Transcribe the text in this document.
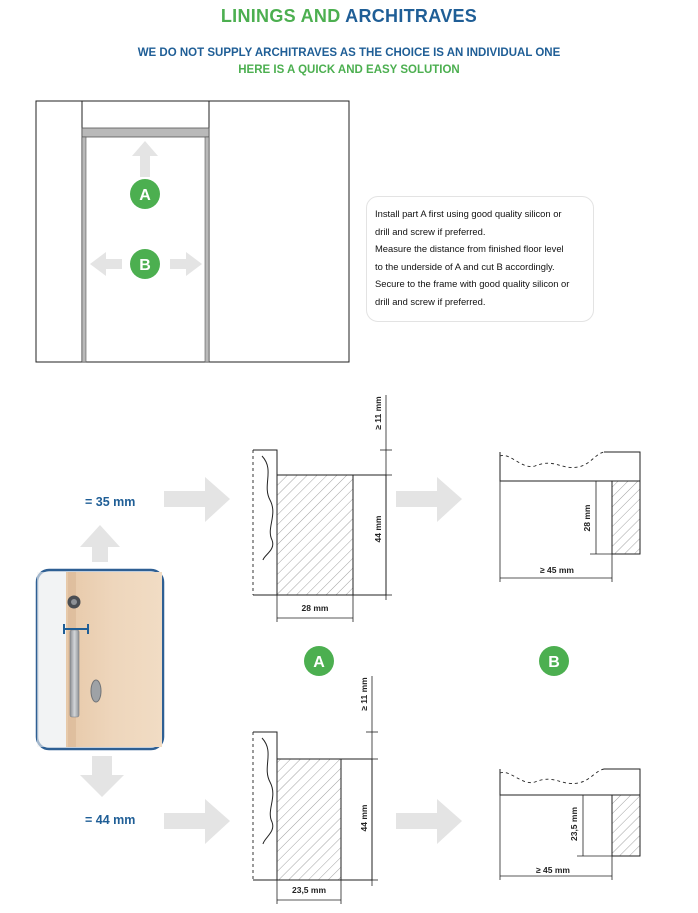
LININGS AND ARCHITRAVES
WE DO NOT SUPPLY ARCHITRAVES AS THE CHOICE IS AN INDIVIDUAL ONE
HERE IS A QUICK AND EASY SOLUTION
A
B
= 35 mm
= 44 mm
≥ 11 mm
44 mm
28 mm
28 mm
≥ 45 mm
A	B
≥ 11 mm
44 mm
23,5 mm
23,5 mm
≥ 45 mm
Install part A first using good quality silicon or
drill and screw if preferred.
Measure the distance from finished floor level
to the underside of A and cut B accordingly.
Secure to the frame with good quality silicon or
drill and screw if preferred.
